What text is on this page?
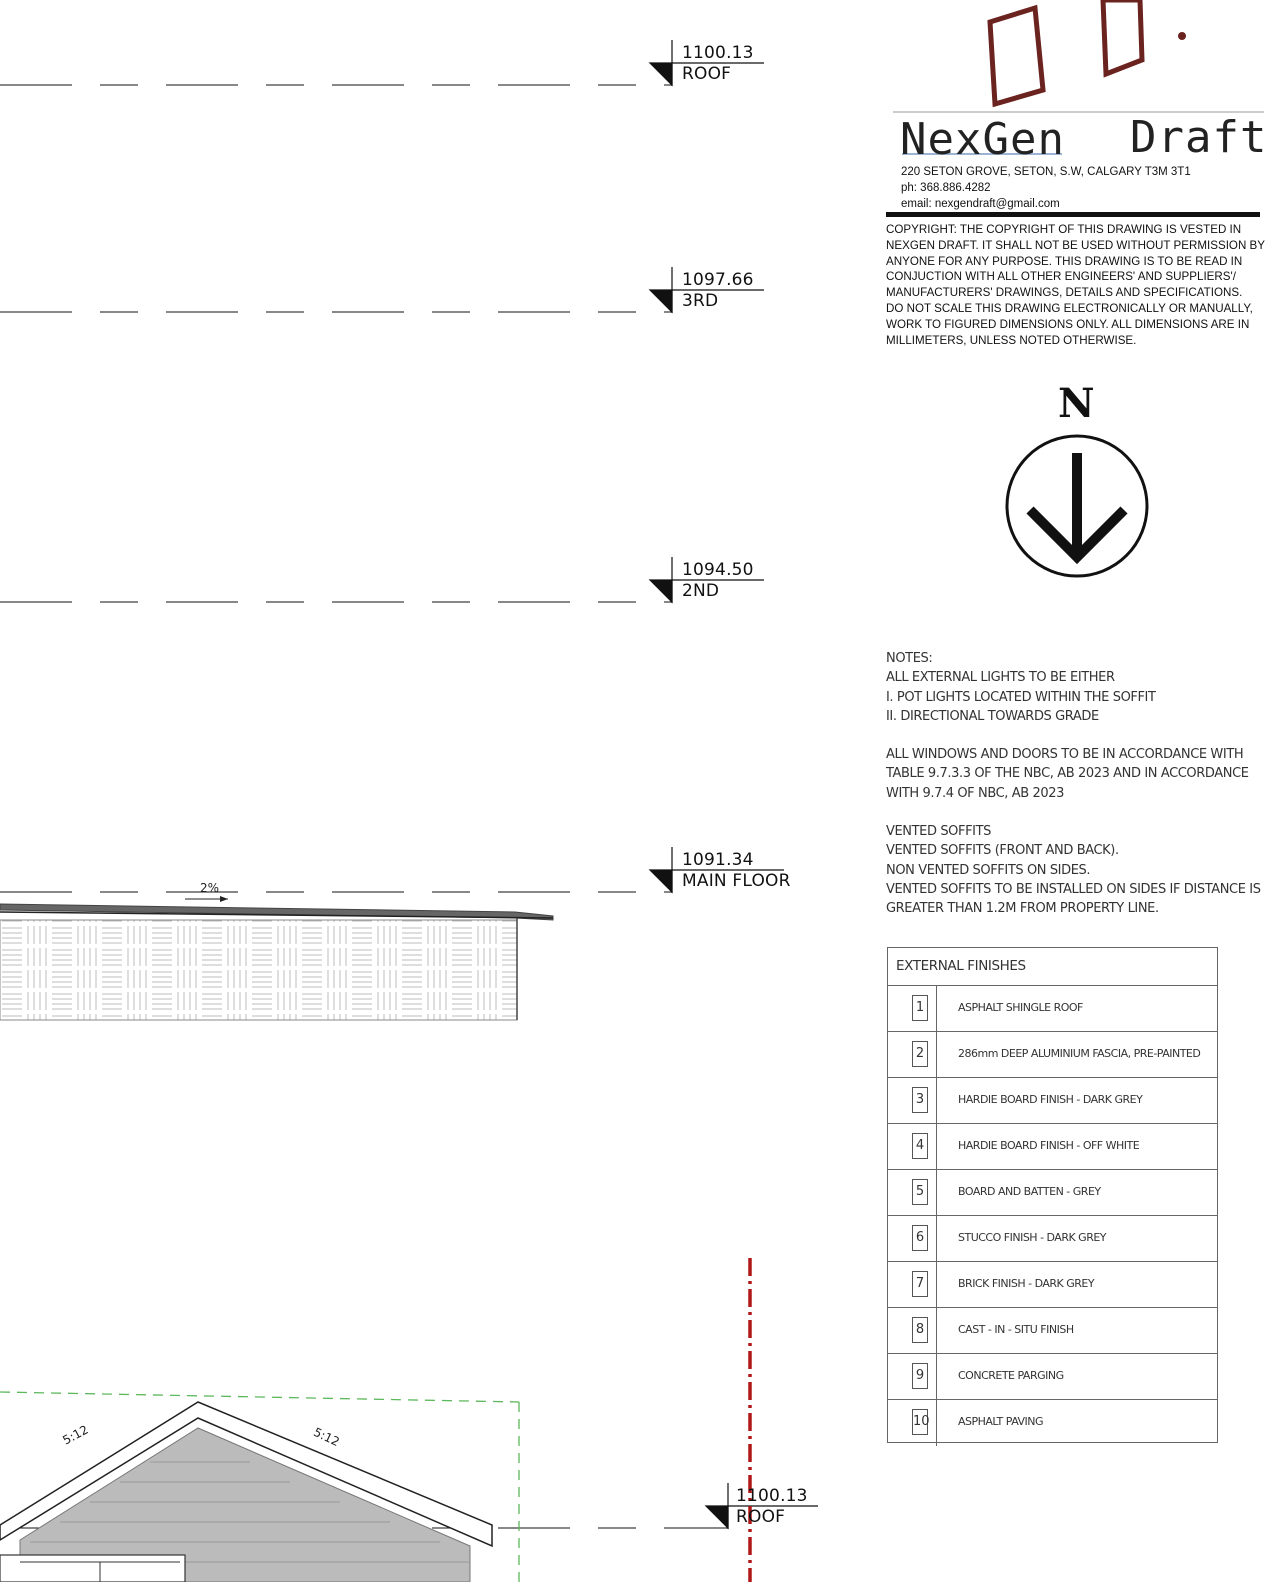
1100.13
ROOF
1097.66
3RD
1094.50
2ND
1091.34
MAIN FLOOR
1100.13
ROOF
2%
5:12	5:12
NexGen Draft
220 SETON GROVE, SETON, S.W, CALGARY T3M 3T1
ph: 368.886.4282
email: nexgendraft@gmail.com

COPYRIGHT: THE COPYRIGHT OF THIS DRAWING IS VESTED IN NEXGEN DRAFT. IT SHALL NOT BE USED WITHOUT PERMISSION BY ANYONE FOR ANY PURPOSE. THIS DRAWING IS TO BE READ IN CONJUCTION WITH ALL OTHER ENGINEERS' AND SUPPLIERS'/ MANUFACTURERS' DRAWINGS, DETAILS AND SPECIFICATIONS.

DO NOT SCALE THIS DRAWING ELECTRONICALLY OR MANUALLY, WORK TO FIGURED DIMENSIONS ONLY. ALL DIMENSIONS ARE IN MILLIMETERS, UNLESS NOTED OTHERWISE.

N
NOTES:
ALL EXTERNAL LIGHTS TO BE EITHER
I. POT LIGHTS LOCATED WITHIN THE SOFFIT
II. DIRECTIONAL TOWARDS GRADE
ALL WINDOWS AND DOORS TO BE IN ACCORDANCE WITH
TABLE 9.7.3.3 OF THE NBC, AB 2023 AND IN ACCORDANCE
WITH 9.7.4 OF NBC, AB 2023
VENTED SOFFITS
VENTED SOFFITS (FRONT AND BACK).
NON VENTED SOFFITS ON SIDES.
VENTED SOFFITS TO BE INSTALLED ON SIDES IF DISTANCE IS
GREATER THAN 1.2M FROM PROPERTY LINE.
EXTERNAL FINISHES
1	ASPHALT SHINGLE ROOF
2	286mm DEEP ALUMINIUM FASCIA, PRE-PAINTED
3	HARDIE BOARD FINISH - DARK GREY
4	HARDIE BOARD FINISH - OFF WHITE
5	BOARD AND BATTEN - GREY
6	STUCCO FINISH - DARK GREY
7	BRICK FINISH - DARK GREY
8	CAST - IN - SITU FINISH
9	CONCRETE PARGING
10	ASPHALT PAVING
